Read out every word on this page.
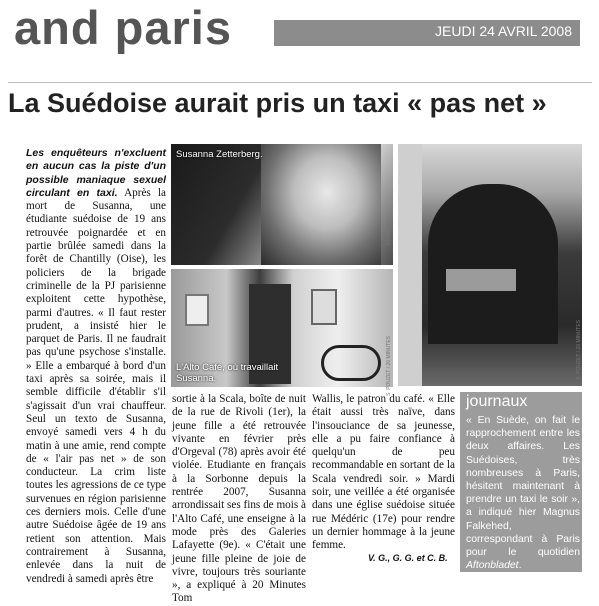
and paris	JEUDI 24 AVRIL 2008
La Suédoise aurait pris un taxi « pas net »

Les enquêteurs n'excluent en aucun cas la piste d'un possible maniaque sexuel circulant en taxi. Après la mort de Susanna, une étudiante suédoise de 19 ans retrouvée poignardée et en partie brûlée samedi dans la forêt de Chantilly (Oise), les policiers de la brigade criminelle de la PJ parisienne exploitent cette hypothèse, parmi d'autres. « Il faut rester prudent, a insisté hier le parquet de Paris. Il ne faudrait pas qu'une psychose s'installe. » Elle a embarqué à bord d'un taxi après sa soirée, mais il semble difficile d'établir s'il s'agissait d'un vrai chauffeur. Seul un texto de Susanna, envoyé samedi vers 4 h du matin à une amie, rend compte de « l'air pas net » de son conducteur. La crim liste toutes les agressions de ce type survenues en région parisienne ces derniers mois. Celle d'une autre Suédoise âgée de 19 ans retient son attention. Mais contrairement à Susanna, enlevée dans la nuit de vendredi à samedi après être

Susanna Zetterberg.
FRANCE 2
L'Alto Café, où travaillait Susanna.	S. POUZET / 20 MINUTES	S. POUZET / 20 MINUTES

sortie à la Scala, boîte de nuit de la rue de Rivoli (1er), la jeune fille a été retrouvée vivante en février près d'Orgeval (78) après avoir été violée. Etudiante en français à la Sorbonne depuis la rentrée 2007, Susanna arrondissait ses fins de mois à l'Alto Café, une enseigne à la mode près des Galeries Lafayette (9e). « C'était une jeune fille pleine de joie de vivre, toujours très souriante », a expliqué à 20 Minutes Tom

Wallis, le patron du café. « Elle était aussi très naïve, dans l'insouciance de sa jeunesse, elle a pu faire confiance à quelqu'un de peu recommandable en sortant de la Scala vendredi soir. » Mardi soir, une veillée a été organisée dans une église suédoise située rue Médéric (17e) pour rendre un dernier hommage à la jeune femme.

V. G., G. G. et C. B.
journaux
« En Suède, on fait le rapprochement entre les deux affaires. Les Suédoises, très nombreuses à Paris, hésitent maintenant à prendre un taxi le soir », a indiqué hier Magnus Falkehed, correspondant à Paris pour le quotidien Aftonbladet.
